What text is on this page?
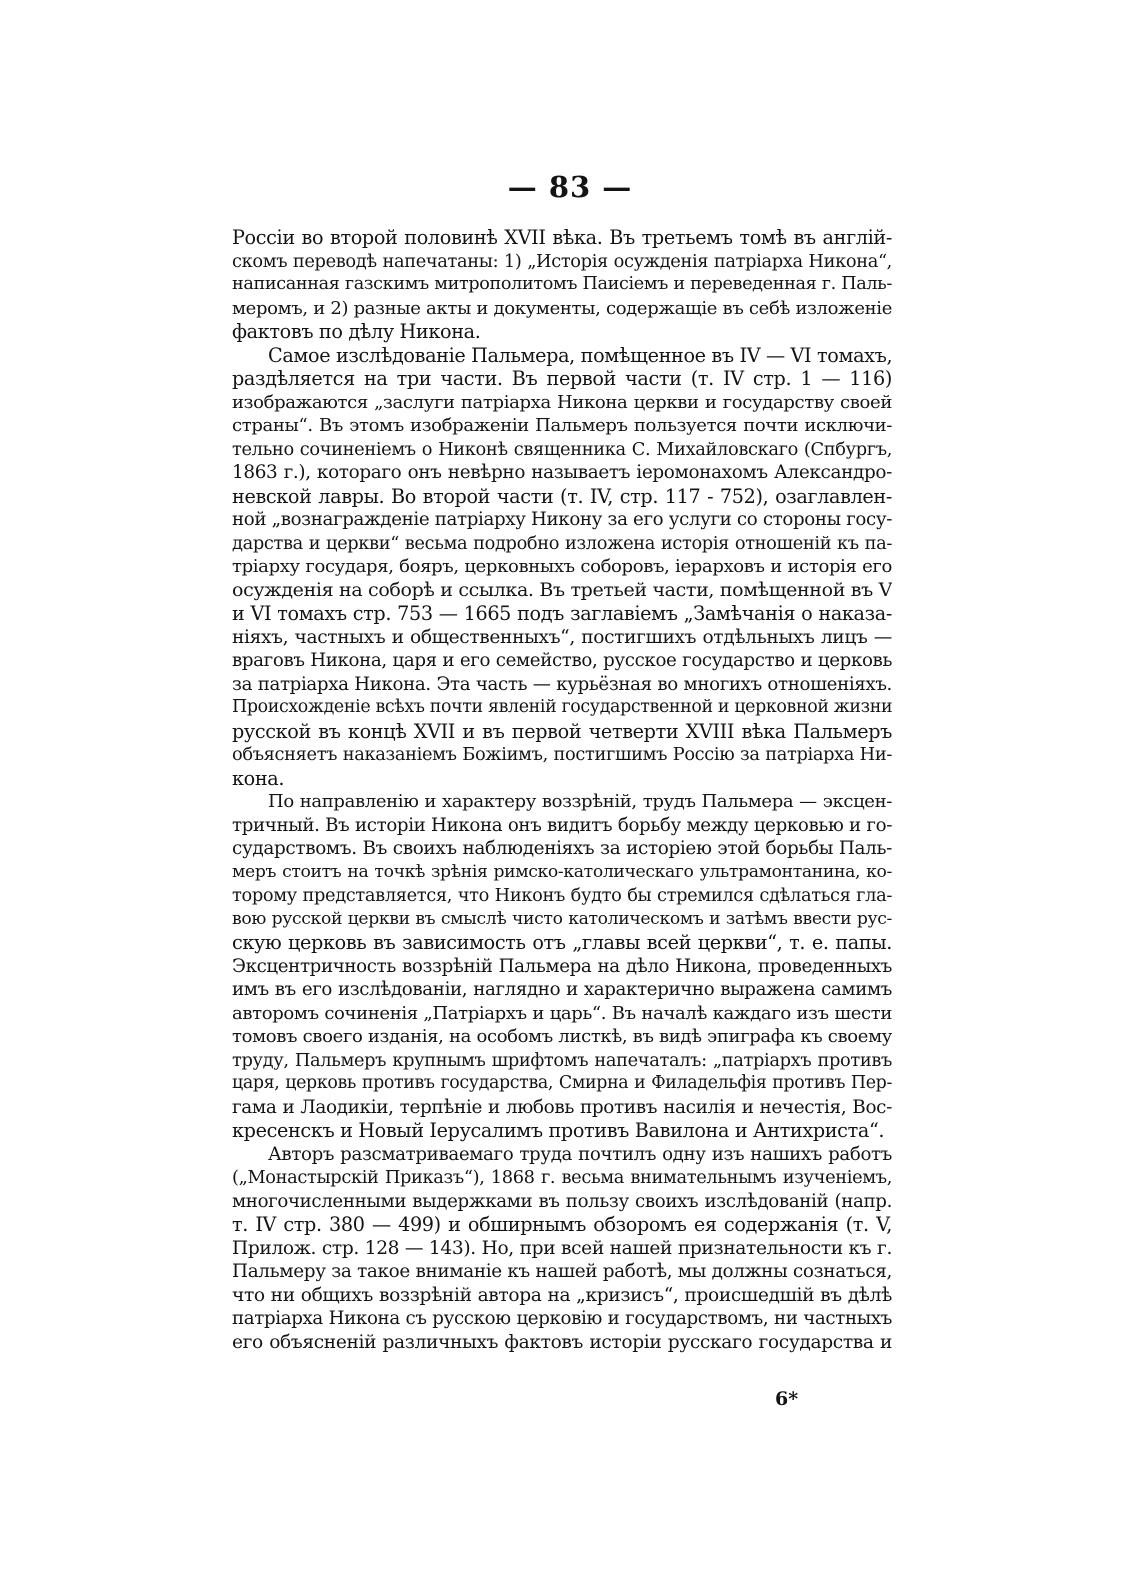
— 83 —
Россіи во второй половинѣ XVII вѣка. Въ третьемъ томѣ въ англій-
скомъ переводѣ напечатаны: 1) „Исторія осужденія патріарха Никона“,
написанная газскимъ митрополитомъ Паисіемъ и переведенная г. Паль-
меромъ, и 2) разные акты и документы, содержащіе въ себѣ изложеніе
фактовъ по дѣлу Никона.
Самое изслѣдованіе Пальмера, помѣщенное въ IV — VI томахъ,
раздѣляется на три части. Въ первой части (т. IV стр. 1 — 116)
изображаются „заслуги патріарха Никона церкви и государству своей
страны“. Въ этомъ изображеніи Пальмеръ пользуется почти исключи-
тельно сочиненіемъ о Никонѣ священника С. Михайловскаго (Спбургъ,
1863 г.), котораго онъ невѣрно называетъ іеромонахомъ Александро-
невской лавры. Во второй части (т. IV, стр. 117 - 752), озаглавлен-
ной „вознагражденіе патріарху Никону за его услуги со стороны госу-
дарства и церкви“ весьма подробно изложена исторія отношеній къ па-
тріарху государя, бояръ, церковныхъ соборовъ, іерарховъ и исторія его
осужденія на соборѣ и ссылка. Въ третьей части, помѣщенной въ V
и VI томахъ стр. 753 — 1665 подъ заглавіемъ „Замѣчанія о наказа-
ніяхъ, частныхъ и общественныхъ“, постигшихъ отдѣльныхъ лицъ —
враговъ Никона, царя и его семейство, русское государство и церковь
за патріарха Никона. Эта часть — курьёзная во многихъ отношеніяхъ.
Происхожденіе всѣхъ почти явленій государственной и церковной жизни
русской въ концѣ XVII и въ первой четверти XVIII вѣка Пальмеръ
объясняетъ наказаніемъ Божіимъ, постигшимъ Россію за патріарха Ни-
кона.
По направленію и характеру воззрѣній, трудъ Пальмера — эксцен-
тричный. Въ исторіи Никона онъ видитъ борьбу между церковью и го-
сударствомъ. Въ своихъ наблюденіяхъ за исторіею этой борьбы Паль-
меръ стоитъ на точкѣ зрѣнія римско-католическаго ультрамонтанина, ко-
торому представляется, что Никонъ будто бы стремился сдѣлаться гла-
вою русской церкви въ смыслѣ чисто католическомъ и затѣмъ ввести рус-
скую церковь въ зависимость отъ „главы всей церкви“, т. е. папы.
Эксцентричность воззрѣній Пальмера на дѣло Никона, проведенныхъ
имъ въ его изслѣдованіи, наглядно и характерично выражена самимъ
авторомъ сочиненія „Патріархъ и царь“. Въ началѣ каждаго изъ шести
томовъ своего изданія, на особомъ листкѣ, въ видѣ эпиграфа къ своему
труду, Пальмеръ крупнымъ шрифтомъ напечаталъ: „патріархъ противъ
царя, церковь противъ государства, Смирна и Филадельфія противъ Пер-
гама и Лаодикіи, терпѣніе и любовь противъ насилія и нечестія, Вос-
кресенскъ и Новый Іерусалимъ противъ Вавилона и Антихриста“.
Авторъ разсматриваемаго труда почтилъ одну изъ нашихъ работъ
(„Монастырскій Приказъ“), 1868 г. весьма внимательнымъ изученіемъ,
многочисленными выдержками въ пользу своихъ изслѣдованій (напр.
т. IV стр. 380 — 499) и обширнымъ обзоромъ ея содержанія (т. V,
Прилож. стр. 128 — 143). Но, при всей нашей признательности къ г.
Пальмеру за такое вниманіе къ нашей работѣ, мы должны сознаться,
что ни общихъ воззрѣній автора на „кризисъ“, происшедшій въ дѣлѣ
патріарха Никона съ русскою церковію и государствомъ, ни частныхъ
его объясненій различныхъ фактовъ исторіи русскаго государства и
6*
